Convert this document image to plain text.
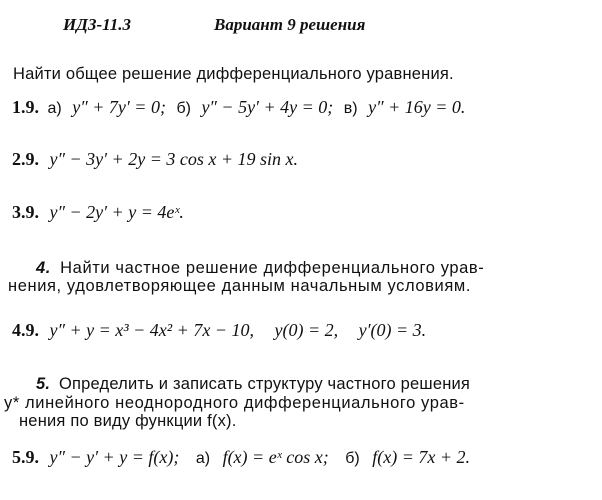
ИДЗ-11.3	Вариант 9 решения
Найти общее решение дифференциального уравнения.
1.9. а) y″ + 7y′ = 0; б) y″ − 5y′ + 4y = 0; в) y″ + 16y = 0.
2.9. y″ − 3y′ + 2y = 3 cos x + 19 sin x.
3.9. y″ − 2y′ + y = 4eˣ.
4. Найти частное решение дифференциального урав-
нения, удовлетворяющее данным начальным условиям.
4.9. y″ + y = x³ − 4x² + 7x − 10, y(0) = 2, y′(0) = 3.
5. Определить и записать структуру частного решения
y* линейного неоднородного дифференциального урав-
нения по виду функции f(x).
5.9. y″ − y′ + y = f(x); а) f(x) = eˣ cos x; б) f(x) = 7x + 2.
